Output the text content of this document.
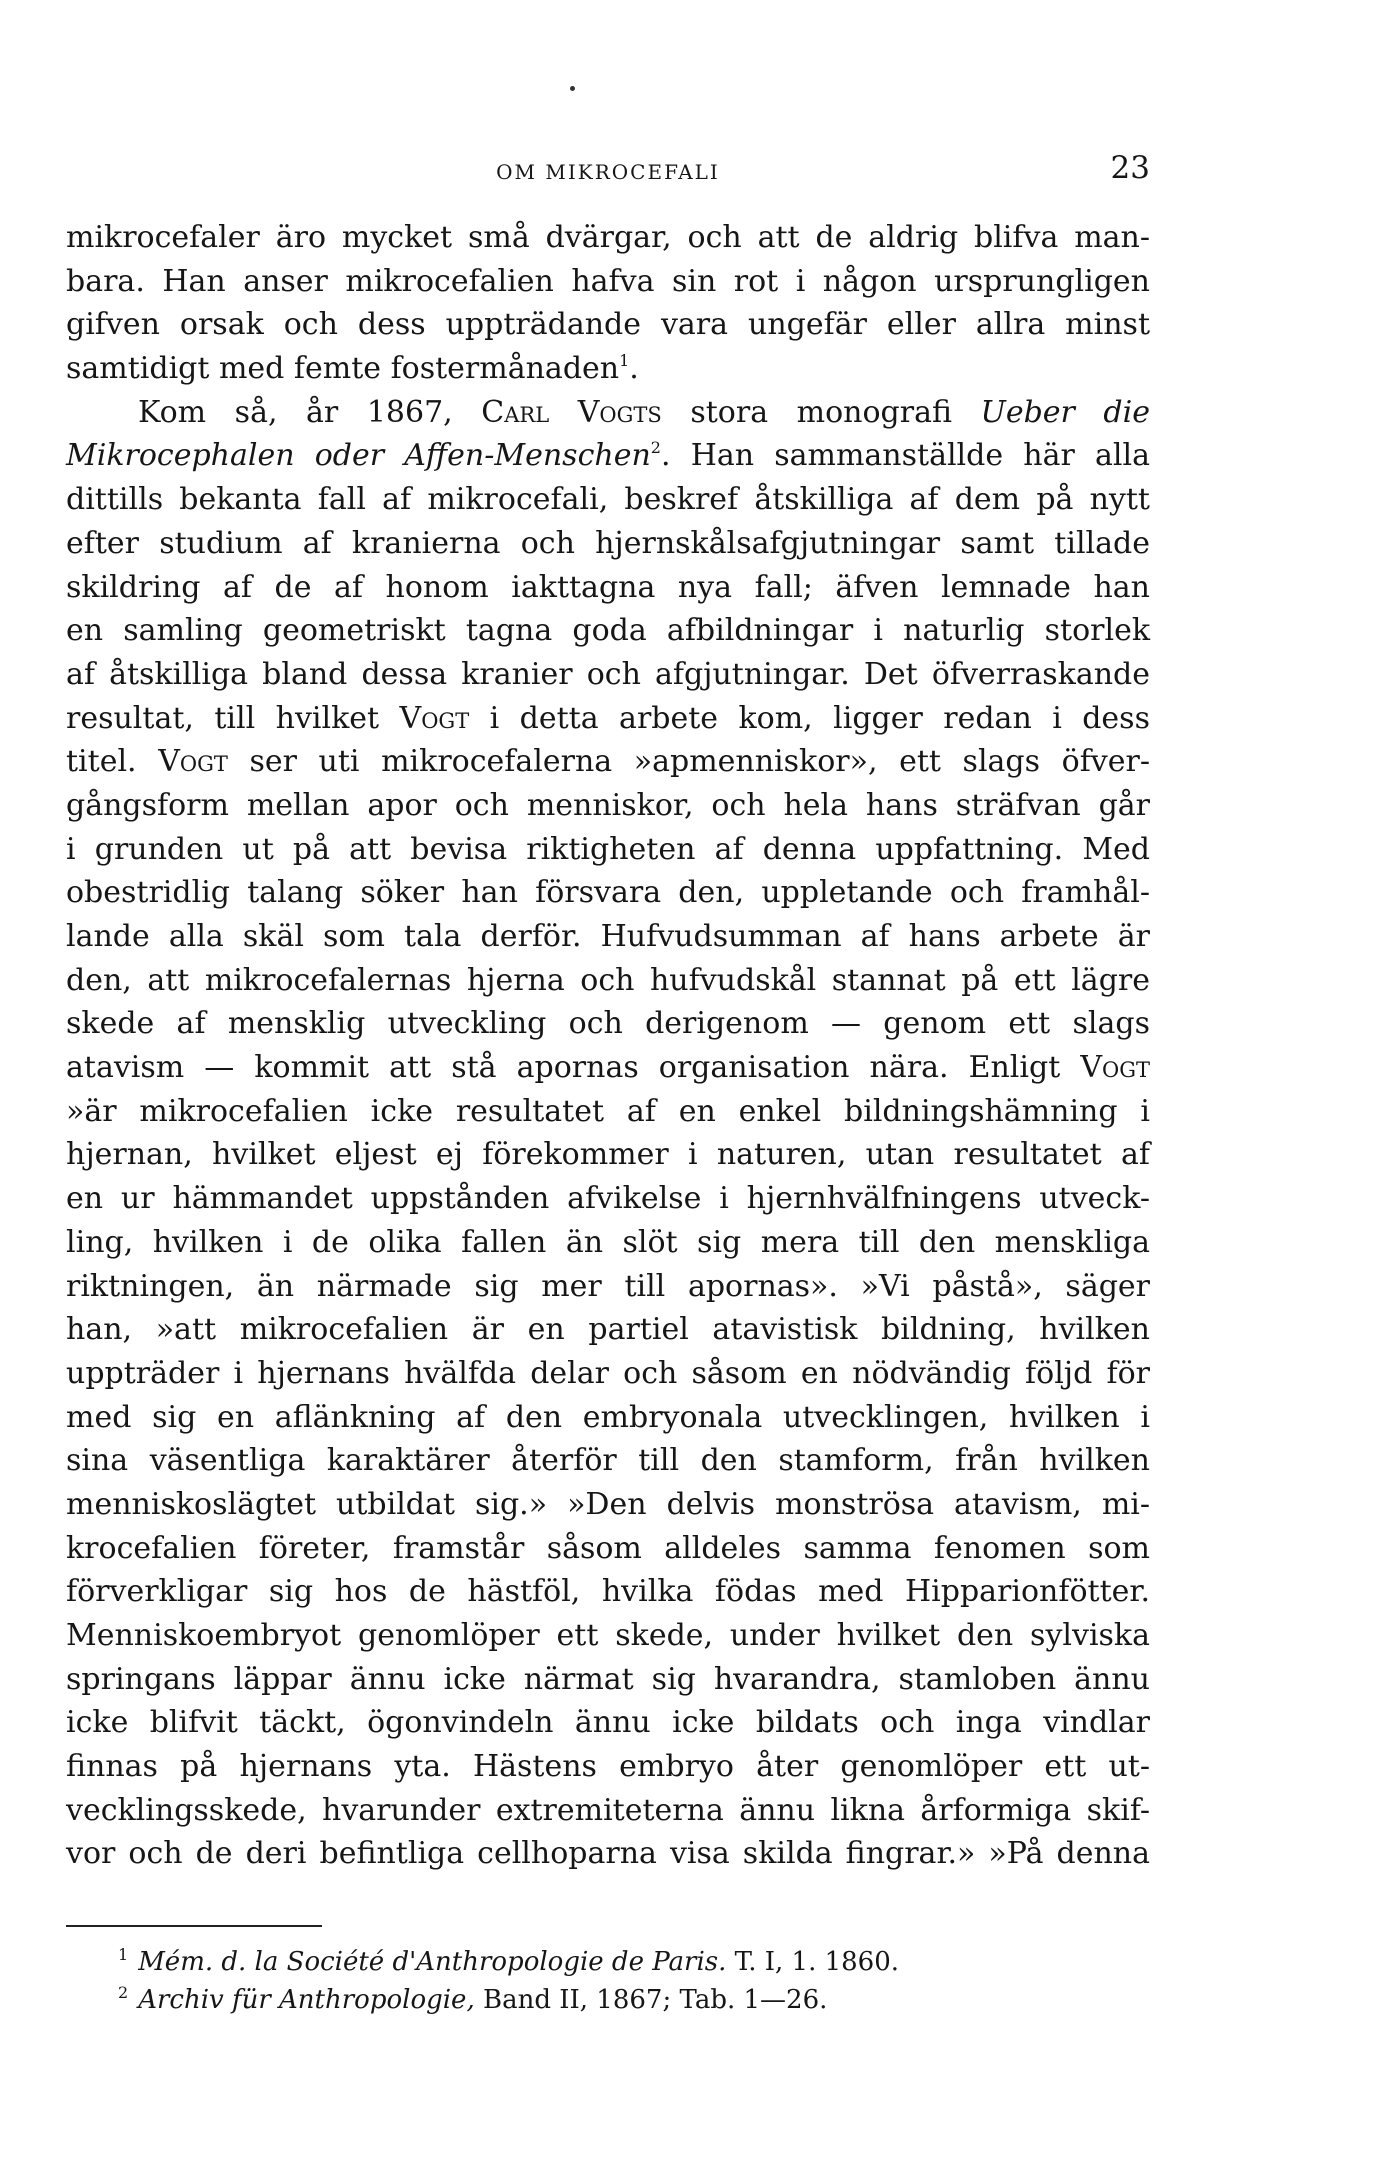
OM MIKROCEFALI	23
mikrocefaler äro mycket små dvärgar, och att de aldrig blifva man-
bara. Han anser mikrocefalien hafva sin rot i någon ursprungligen
gifven orsak och dess uppträdande vara ungefär eller allra minst
samtidigt med femte fostermånaden$^1$.
Kom så, år 1867, Carl Vogts stora monografi Ueber die
Mikrocephalen oder Affen-Menschen$^2$. Han sammanställde här alla
dittills bekanta fall af mikrocefali, beskref åtskilliga af dem på nytt
efter studium af kranierna och hjernskålsafgjutningar samt tillade
skildring af de af honom iakttagna nya fall; äfven lemnade han
en samling geometriskt tagna goda afbildningar i naturlig storlek
af åtskilliga bland dessa kranier och afgjutningar. Det öfverraskande
resultat, till hvilket Vogt i detta arbete kom, ligger redan i dess
titel. Vogt ser uti mikrocefalerna »apmenniskor», ett slags öfver-
gångsform mellan apor och menniskor, och hela hans sträfvan går
i grunden ut på att bevisa riktigheten af denna uppfattning. Med
obestridlig talang söker han försvara den, uppletande och framhål-
lande alla skäl som tala derför. Hufvudsumman af hans arbete är
den, att mikrocefalernas hjerna och hufvudskål stannat på ett lägre
skede af mensklig utveckling och derigenom — genom ett slags
atavism — kommit att stå apornas organisation nära. Enligt Vogt
»är mikrocefalien icke resultatet af en enkel bildningshämning i
hjernan, hvilket eljest ej förekommer i naturen, utan resultatet af
en ur hämmandet uppstånden afvikelse i hjernhvälfningens utveck-
ling, hvilken i de olika fallen än slöt sig mera till den menskliga
riktningen, än närmade sig mer till apornas». »Vi påstå», säger
han, »att mikrocefalien är en partiel atavistisk bildning, hvilken
uppträder i hjernans hvälfda delar och såsom en nödvändig följd för
med sig en aflänkning af den embryonala utvecklingen, hvilken i
sina väsentliga karaktärer återför till den stamform, från hvilken
menniskoslägtet utbildat sig.» »Den delvis monströsa atavism, mi-
krocefalien företer, framstår såsom alldeles samma fenomen som
förverkligar sig hos de hästföl, hvilka födas med Hipparionfötter.
Menniskoembryot genomlöper ett skede, under hvilket den sylviska
springans läppar ännu icke närmat sig hvarandra, stamloben ännu
icke blifvit täckt, ögonvindeln ännu icke bildats och inga vindlar
finnas på hjernans yta. Hästens embryo åter genomlöper ett ut-
vecklingsskede, hvarunder extremiteterna ännu likna årformiga skif-
vor och de deri befintliga cellhoparna visa skilda fingrar.» »På denna
$^1$ Mém. d. la Société d'Anthropologie de Paris. T. I, 1. 1860.
$^2$ Archiv für Anthropologie, Band II, 1867; Tab. 1—26.
